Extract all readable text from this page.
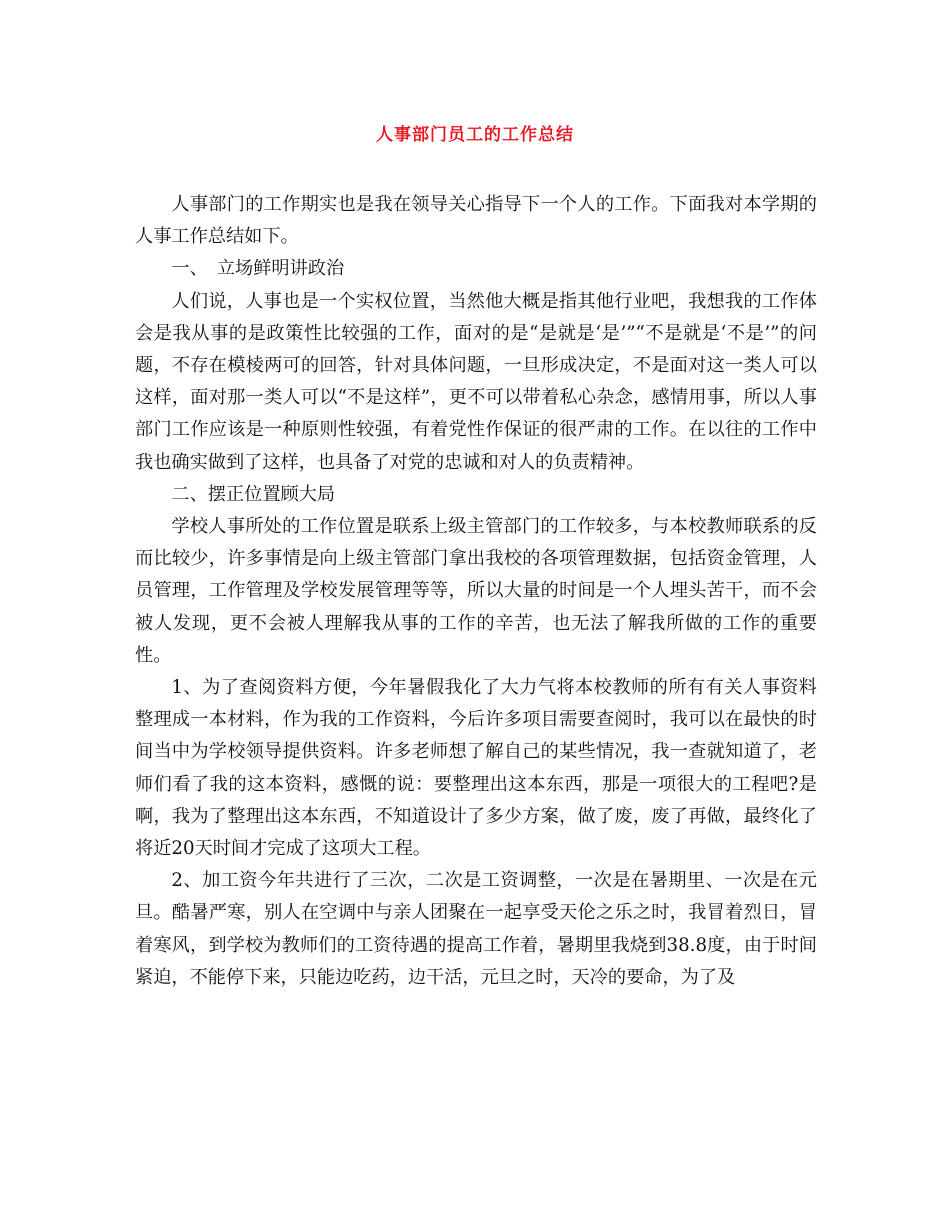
人事部门员工的工作总结

人事部门的工作期实也是我在领导关心指导下一个人的工作。下面我对本学期的人事工作总结如下。

一、　立场鲜明讲政治

人们说，人事也是一个实权位置，当然他大概是指其他行业吧，我想我的工作体会是我从事的是政策性比较强的工作，面对的是“是就是‘是’”“不是就是‘不是’”的问题，不存在模棱两可的回答，针对具体问题，一旦形成决定，不是面对这一类人可以这样，面对那一类人可以“不是这样”，更不可以带着私心杂念，感情用事，所以人事部门工作应该是一种原则性较强，有着党性作保证的很严肃的工作。在以往的工作中我也确实做到了这样，也具备了对党的忠诚和对人的负责精神。

二、摆正位置顾大局

学校人事所处的工作位置是联系上级主管部门的工作较多，与本校教师联系的反而比较少，许多事情是向上级主管部门拿出我校的各项管理数据，包括资金管理，人员管理，工作管理及学校发展管理等等，所以大量的时间是一个人埋头苦干，而不会被人发现，更不会被人理解我从事的工作的辛苦，也无法了解我所做的工作的重要性。

1、为了查阅资料方便，今年暑假我化了大力气将本校教师的所有有关人事资料整理成一本材料，作为我的工作资料，今后许多项目需要查阅时，我可以在最快的时间当中为学校领导提供资料。许多老师想了解自己的某些情况，我一查就知道了，老师们看了我的这本资料，感慨的说：要整理出这本东西，那是一项很大的工程吧?是啊，我为了整理出这本东西，不知道设计了多少方案，做了废，废了再做，最终化了将近20天时间才完成了这项大工程。

2、加工资今年共进行了三次，二次是工资调整，一次是在暑期里、一次是在元旦。酷暑严寒，别人在空调中与亲人团聚在一起享受天伦之乐之时，我冒着烈日，冒着寒风，到学校为教师们的工资待遇的提高工作着，暑期里我烧到38.8度，由于时间紧迫，不能停下来，只能边吃药，边干活，元旦之时，天冷的要命，为了及
